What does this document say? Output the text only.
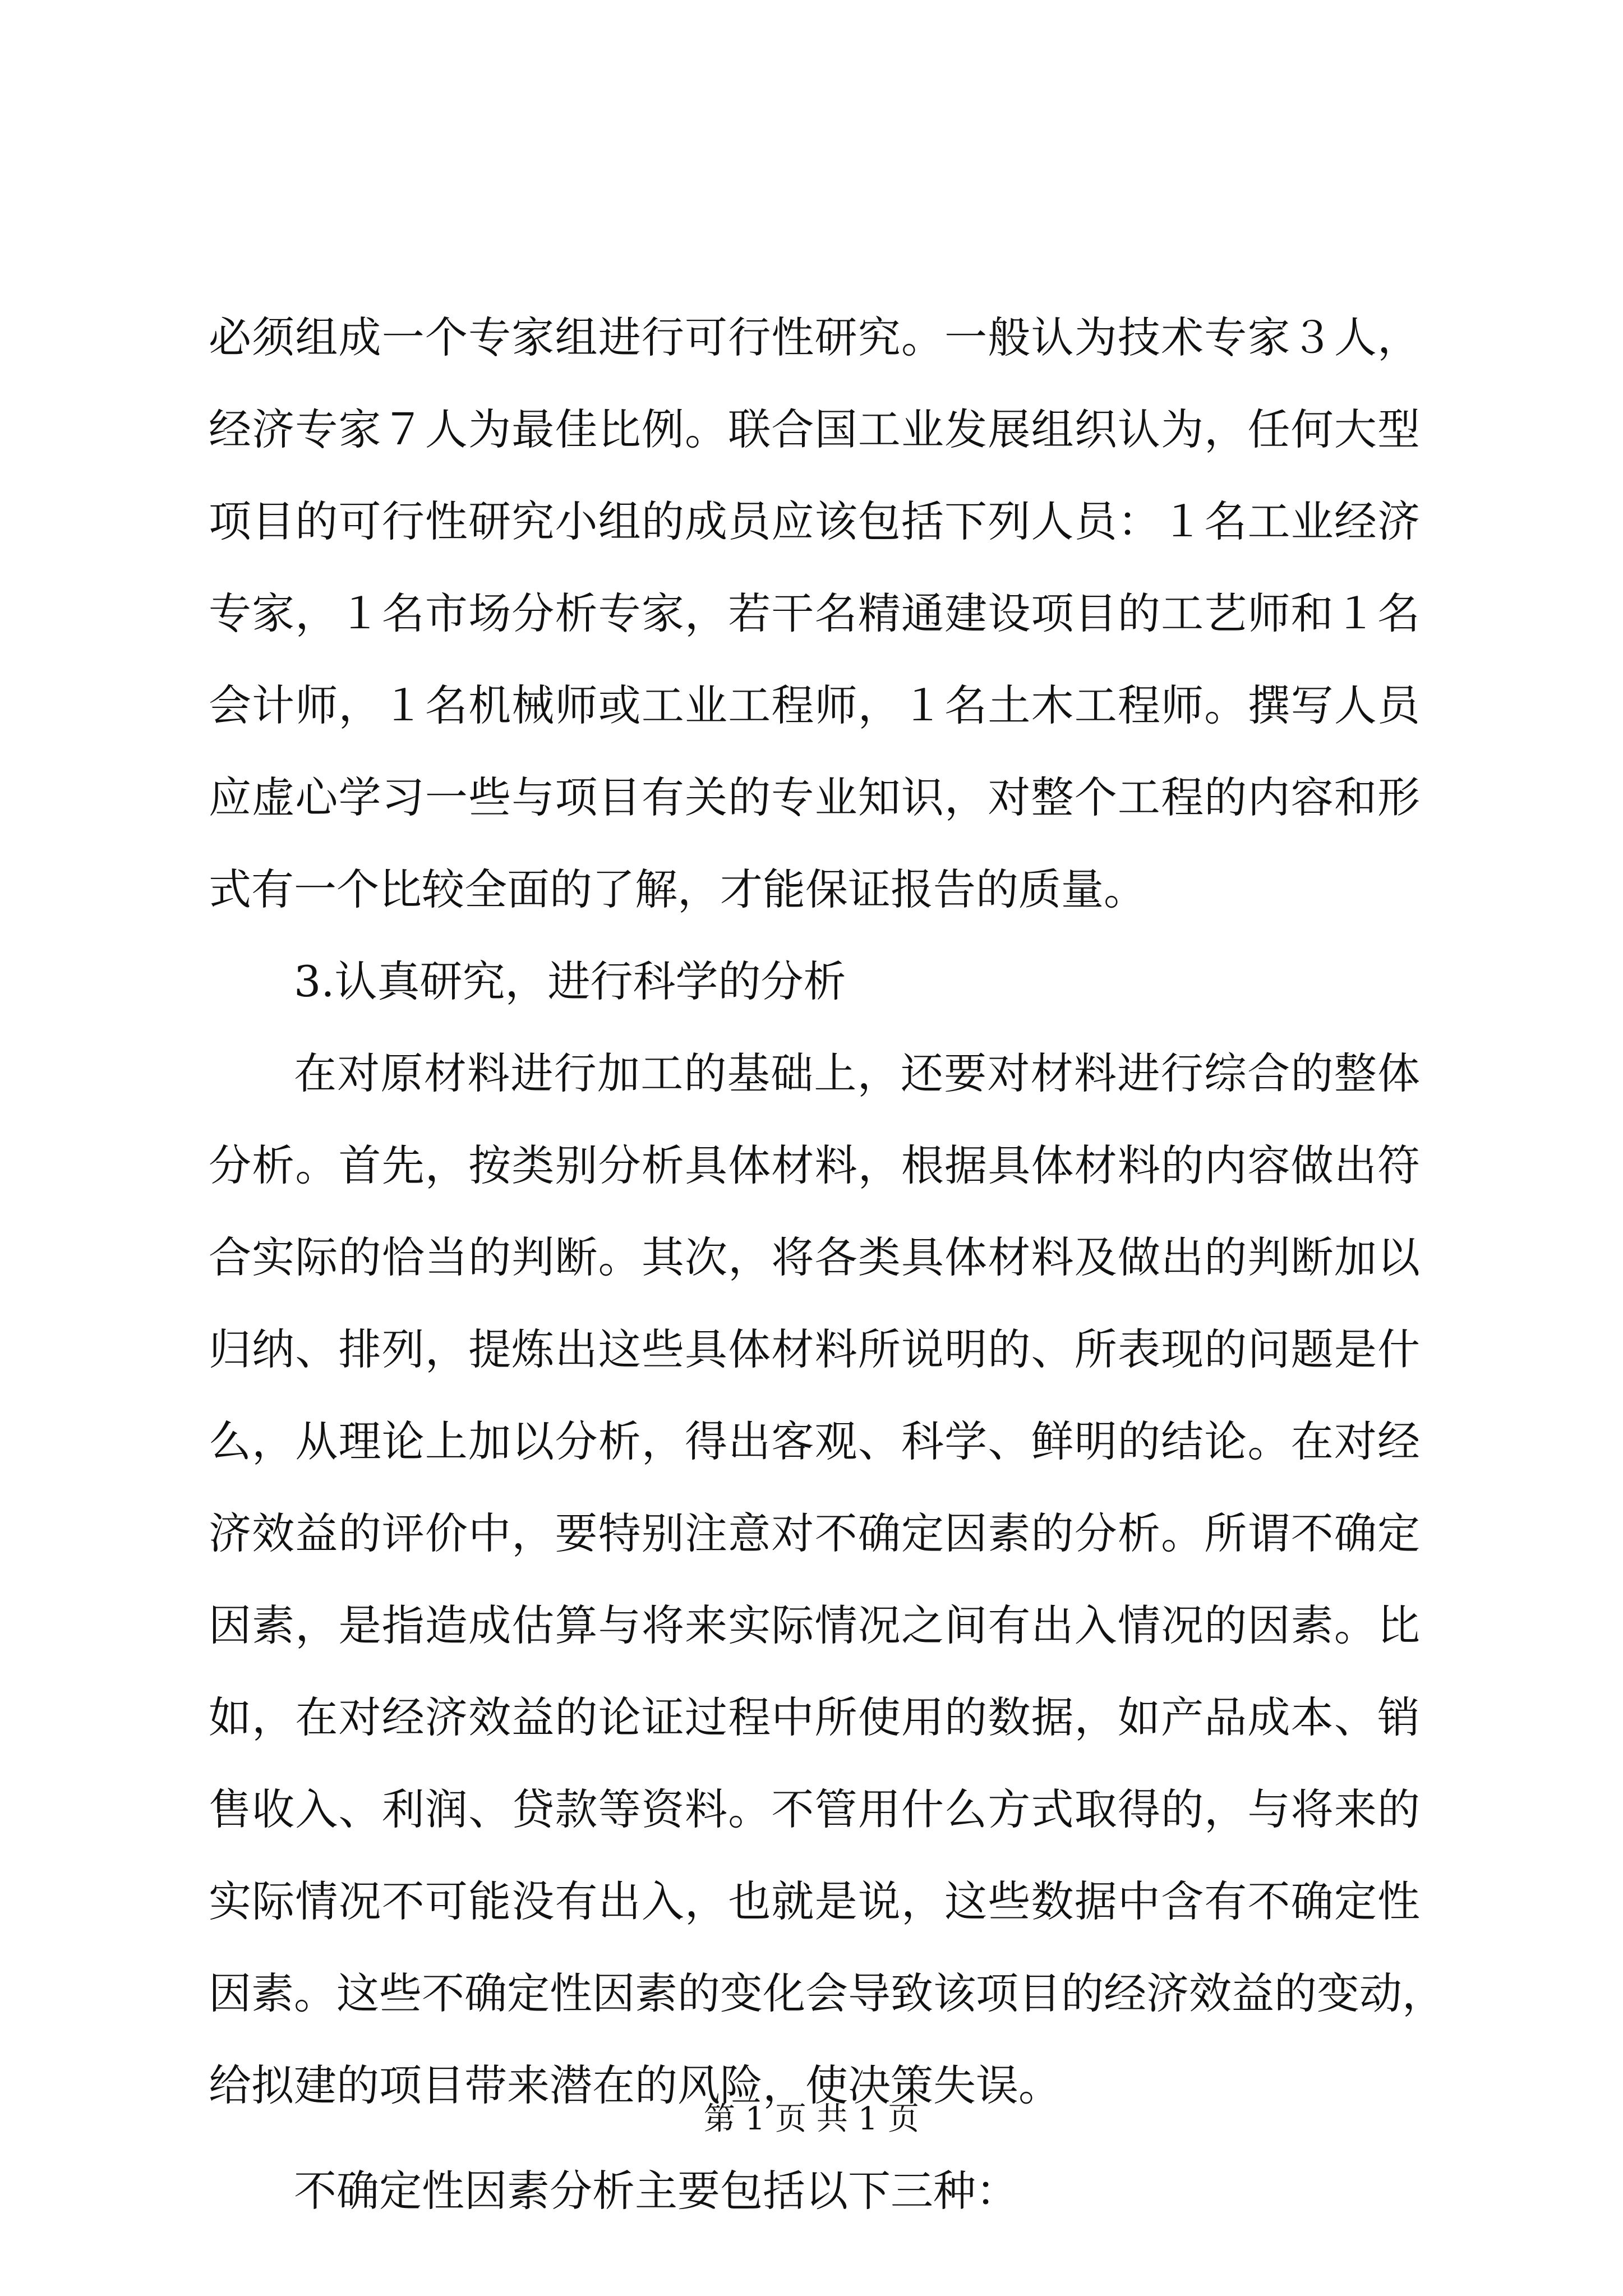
必须组成一个专家组进行可行性研究。一般认为技术专家３人，
经济专家７人为最佳比例。联合国工业发展组织认为，任何大型
项目的可行性研究小组的成员应该包括下列人员：１名工业经济
专家，１名市场分析专家，若干名精通建设项目的工艺师和１名
会计师，１名机械师或工业工程师，１名土木工程师。撰写人员
应虚心学习一些与项目有关的专业知识，对整个工程的内容和形
式有一个比较全面的了解，才能保证报告的质量。
3.认真研究，进行科学的分析
在对原材料进行加工的基础上，还要对材料进行综合的整体
分析。首先，按类别分析具体材料，根据具体材料的内容做出符
合实际的恰当的判断。其次，将各类具体材料及做出的判断加以
归纳、排列，提炼出这些具体材料所说明的、所表现的问题是什
么，从理论上加以分析，得出客观、科学、鲜明的结论。在对经
济效益的评价中，要特别注意对不确定因素的分析。所谓不确定
因素，是指造成估算与将来实际情况之间有出入情况的因素。比
如，在对经济效益的论证过程中所使用的数据，如产品成本、销
售收入、利润、贷款等资料。不管用什么方式取得的，与将来的
实际情况不可能没有出入，也就是说，这些数据中含有不确定性
因素。这些不确定性因素的变化会导致该项目的经济效益的变动，
给拟建的项目带来潜在的风险，使决策失误。
不确定性因素分析主要包括以下三种：
第 1 页 共 1 页
